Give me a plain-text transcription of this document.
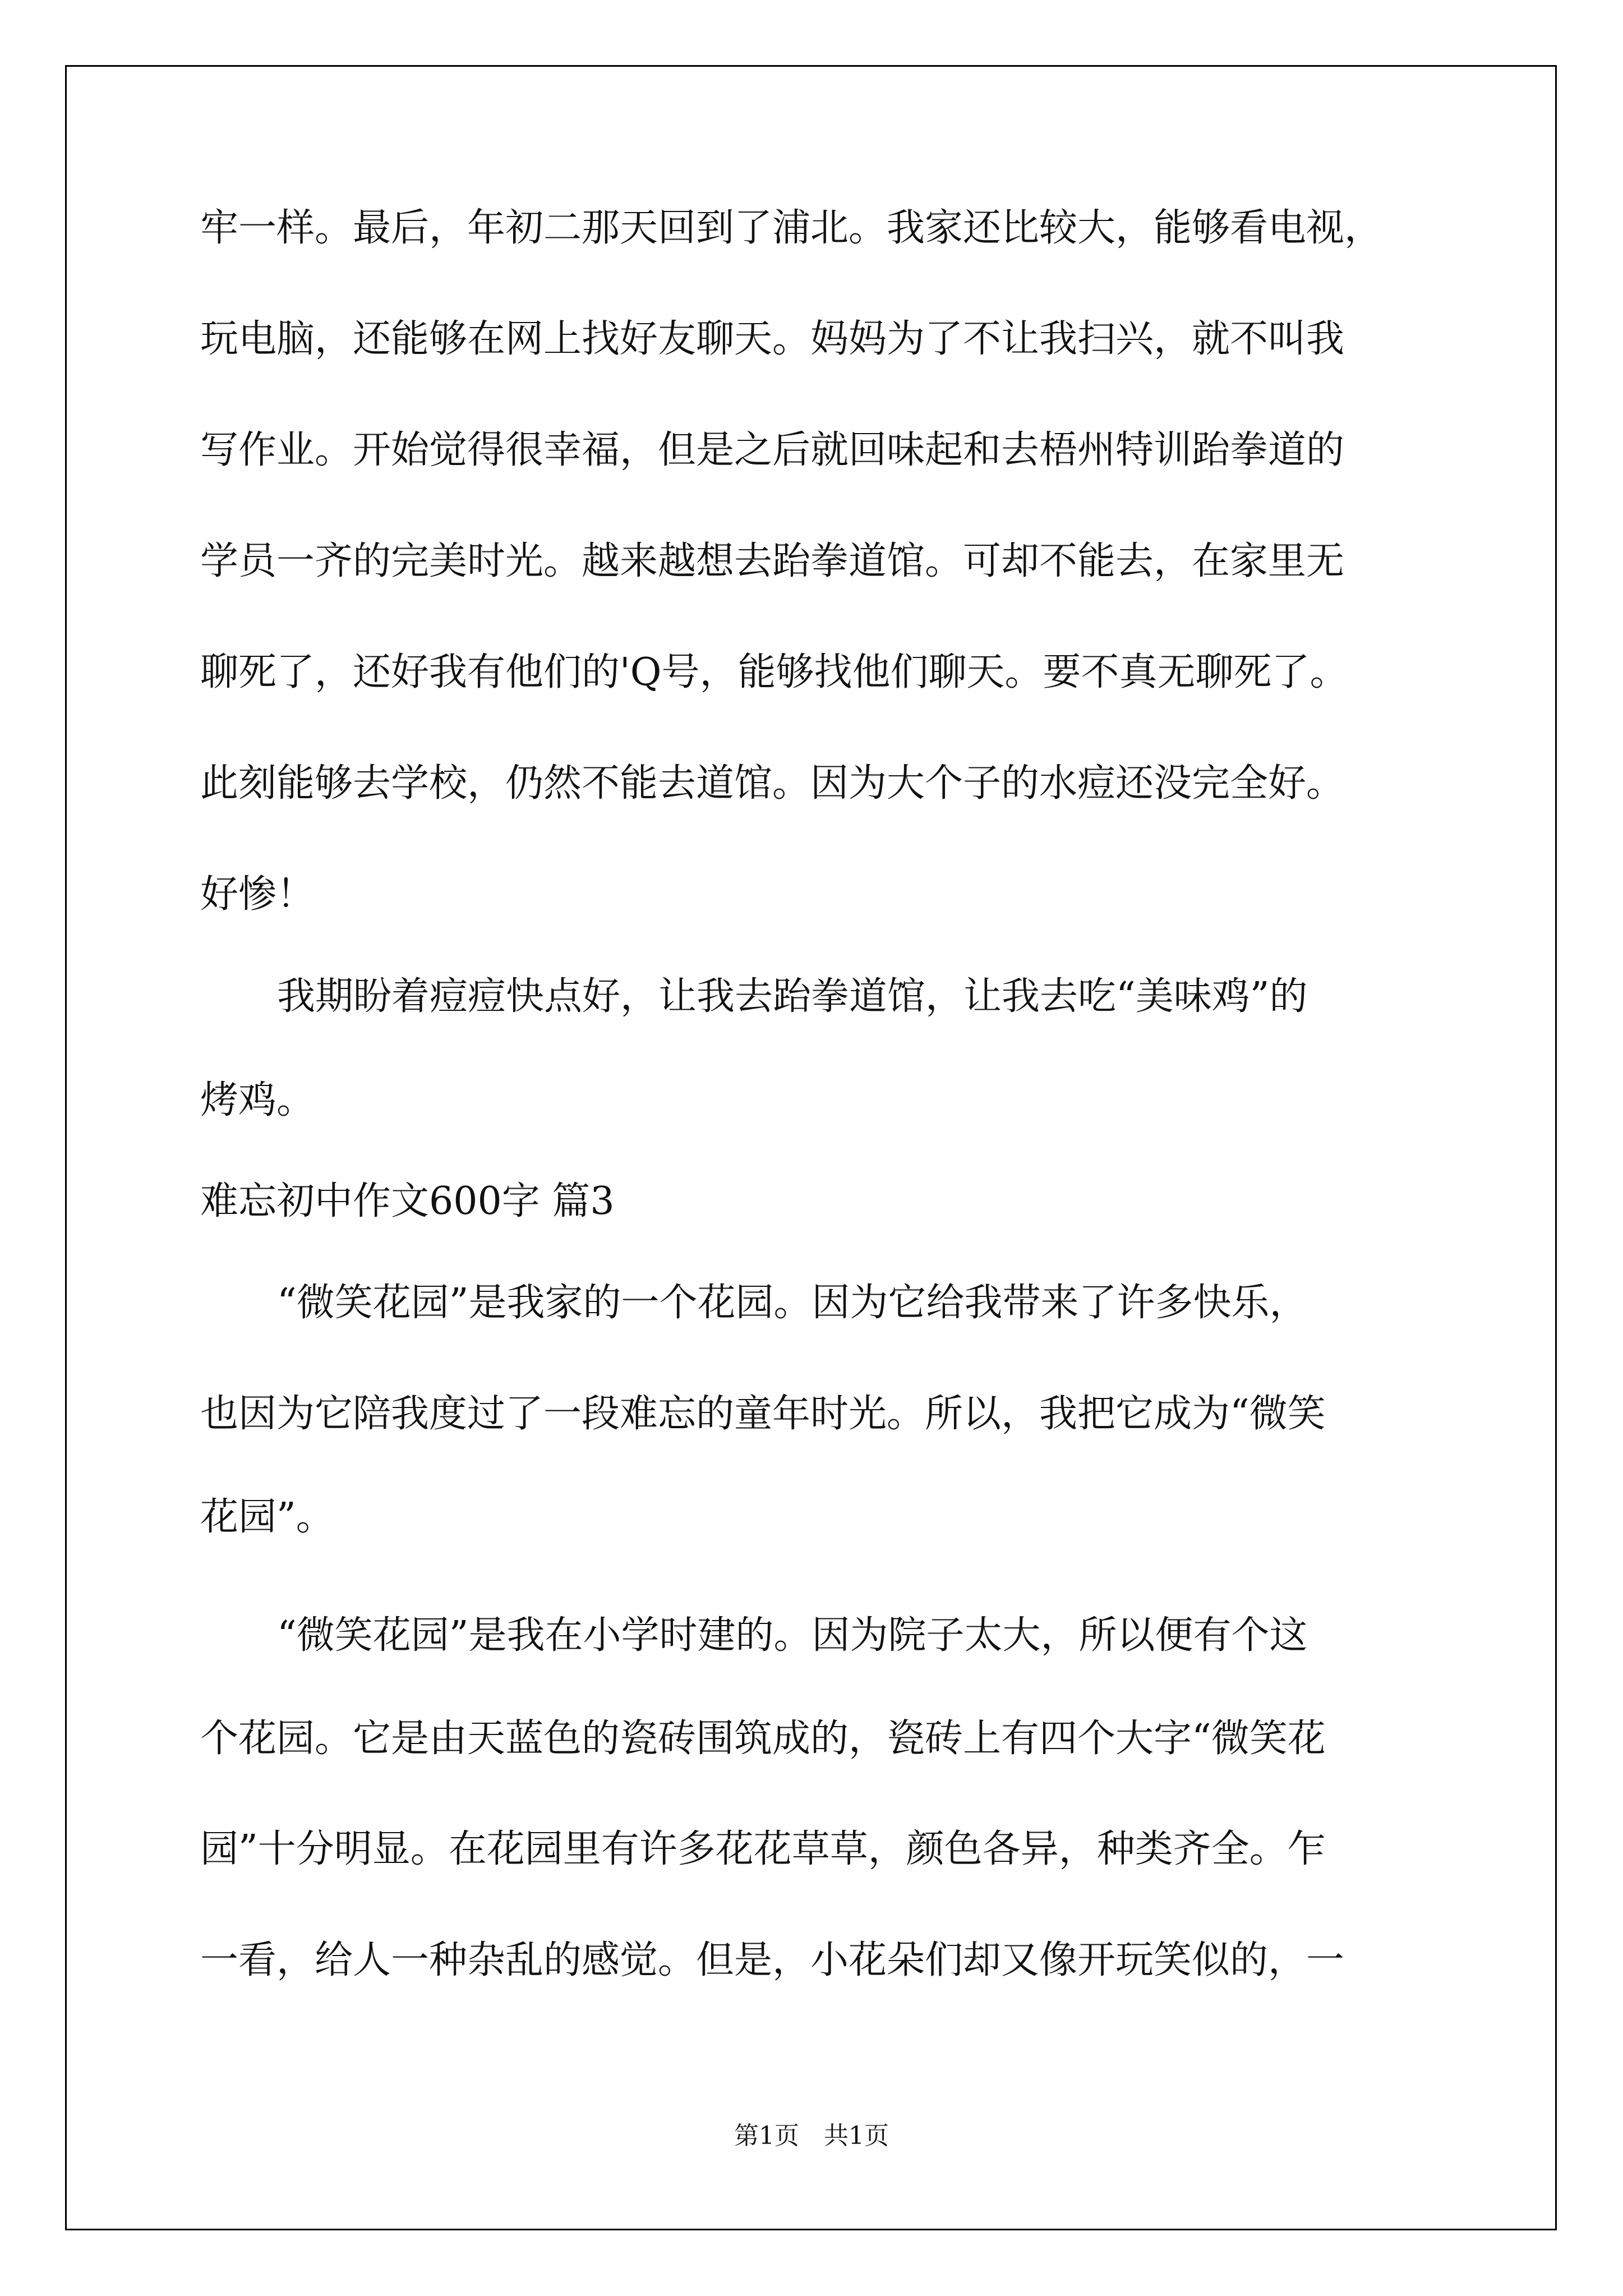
牢一样。最后，年初二那天回到了浦北。我家还比较大，能够看电视，

玩电脑，还能够在网上找好友聊天。妈妈为了不让我扫兴，就不叫我

写作业。开始觉得很幸福，但是之后就回味起和去梧州特训跆拳道的

学员一齐的完美时光。越来越想去跆拳道馆。可却不能去，在家里无

聊死了，还好我有他们的'Q号，能够找他们聊天。要不真无聊死了。

此刻能够去学校，仍然不能去道馆。因为大个子的水痘还没完全好。

好惨！

我期盼着痘痘快点好，让我去跆拳道馆，让我去吃“美味鸡”的

烤鸡。

难忘初中作文600字 篇3

“微笑花园”是我家的一个花园。因为它给我带来了许多快乐，

也因为它陪我度过了一段难忘的童年时光。所以，我把它成为“微笑

花园”。

“微笑花园”是我在小学时建的。因为院子太大，所以便有个这

个花园。它是由天蓝色的瓷砖围筑成的，瓷砖上有四个大字“微笑花

园”十分明显。在花园里有许多花花草草，颜色各异，种类齐全。乍

一看，给人一种杂乱的感觉。但是，小花朵们却又像开玩笑似的，一

第1页　共1页
